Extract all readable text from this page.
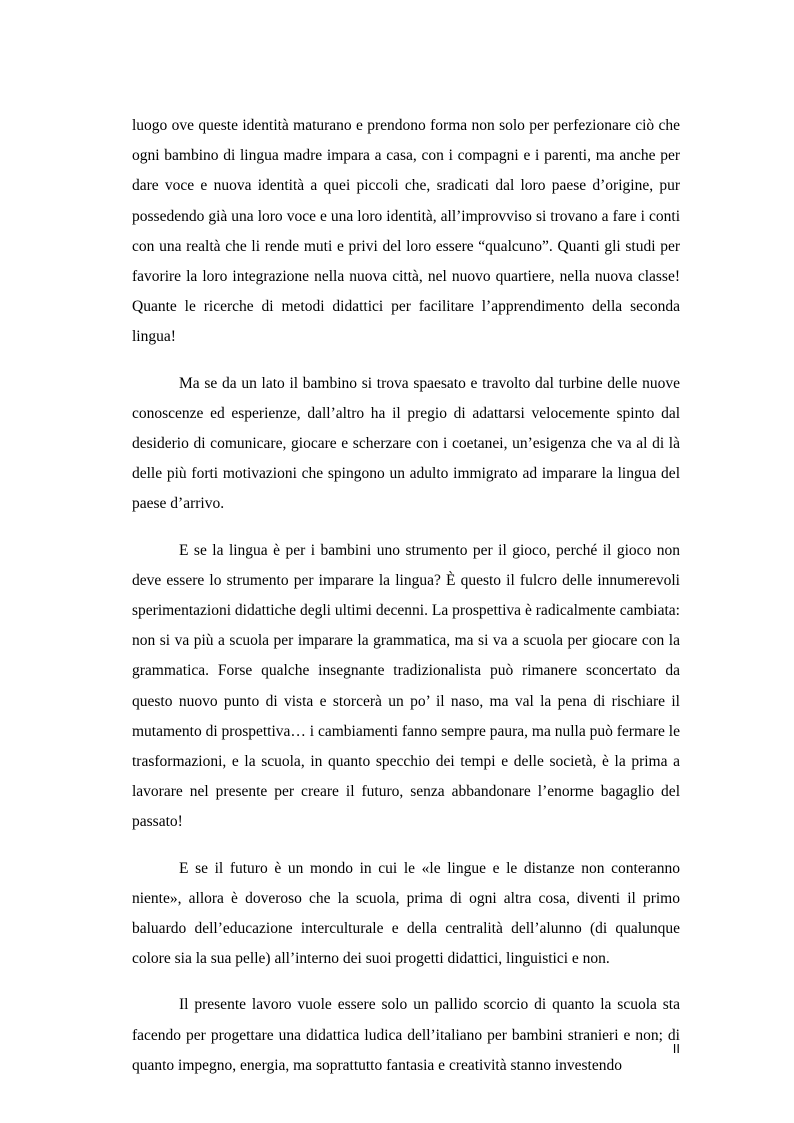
luogo ove queste identità maturano e prendono forma non solo per perfezionare ciò che ogni bambino di lingua madre impara a casa, con i compagni e i parenti, ma anche per dare voce e nuova identità a quei piccoli che, sradicati dal loro paese d’origine, pur possedendo già una loro voce e una loro identità, all’improvviso si trovano a fare i conti con una realtà che li rende muti e privi del loro essere “qualcuno”. Quanti gli studi per favorire la loro integrazione nella nuova città, nel nuovo quartiere, nella nuova classe! Quante le ricerche di metodi didattici per facilitare l’apprendimento della seconda lingua!

Ma se da un lato il bambino si trova spaesato e travolto dal turbine delle nuove conoscenze ed esperienze, dall’altro ha il pregio di adattarsi velocemente spinto dal desiderio di comunicare, giocare e scherzare con i coetanei, un’esigenza che va al di là delle più forti motivazioni che spingono un adulto immigrato ad imparare la lingua del paese d’arrivo.

E se la lingua è per i bambini uno strumento per il gioco, perché il gioco non deve essere lo strumento per imparare la lingua? È questo il fulcro delle innumerevoli sperimentazioni didattiche degli ultimi decenni. La prospettiva è radicalmente cambiata: non si va più a scuola per imparare la grammatica, ma si va a scuola per giocare con la grammatica. Forse qualche insegnante tradizionalista può rimanere sconcertato da questo nuovo punto di vista e storcerà un po’ il naso, ma val la pena di rischiare il mutamento di prospettiva… i cambiamenti fanno sempre paura, ma nulla può fermare le trasformazioni, e la scuola, in quanto specchio dei tempi e delle società, è la prima a lavorare nel presente per creare il futuro, senza abbandonare l’enorme bagaglio del passato!

E se il futuro è un mondo in cui le «le lingue e le distanze non conteranno niente», allora è doveroso che la scuola, prima di ogni altra cosa, diventi il primo baluardo dell’educazione interculturale e della centralità dell’alunno (di qualunque colore sia la sua pelle) all’interno dei suoi progetti didattici, linguistici e non.

Il presente lavoro vuole essere solo un pallido scorcio di quanto la scuola sta facendo per progettare una didattica ludica dell’italiano per bambini stranieri e non; di quanto impegno, energia, ma soprattutto fantasia e creatività stanno investendo

II
